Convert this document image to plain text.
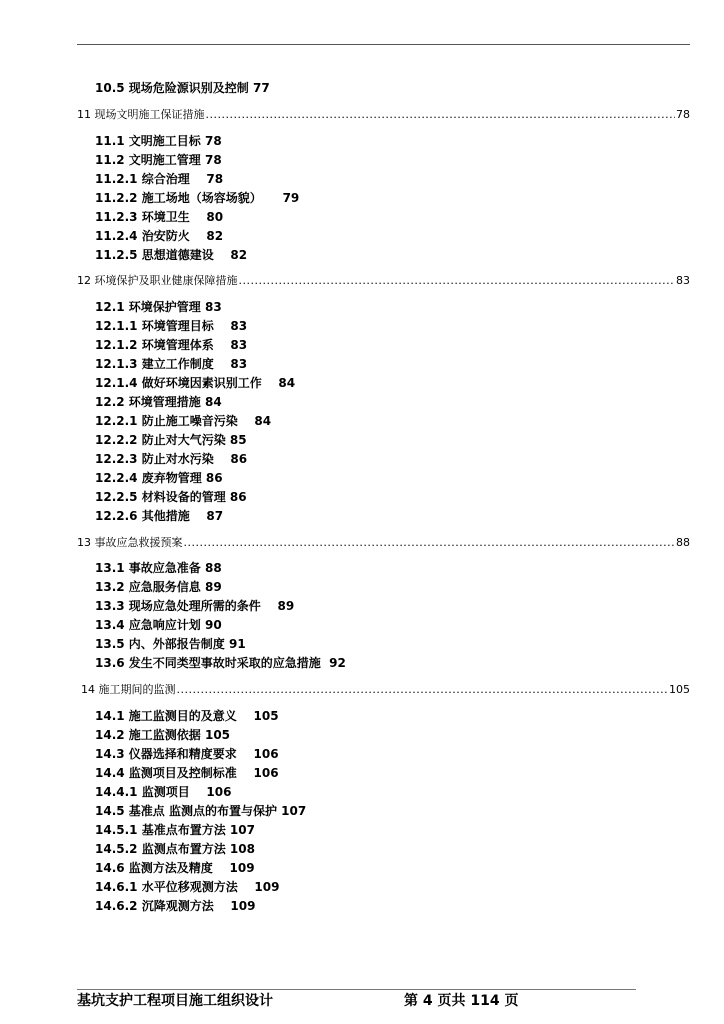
10.5 现场危险源识别及控制 77
11 现场文明施工保证措施 .....	78
11.1 文明施工目标 78
11.2 文明施工管理 78
11.2.1 综合治理    78
11.2.2 施工场地（场容场貌）     79
11.2.3 环境卫生    80
11.2.4 治安防火    82
11.2.5 思想道德建设    82
12 环境保护及职业健康保障措施 .....	83
12.1 环境保护管理 83
12.1.1 环境管理目标    83
12.1.2 环境管理体系    83
12.1.3 建立工作制度    83
12.1.4 做好环境因素识别工作    84
12.2 环境管理措施 84
12.2.1 防止施工噪音污染    84
12.2.2 防止对大气污染 85
12.2.3 防止对水污染    86
12.2.4 废弃物管理 86
12.2.5 材料设备的管理 86
12.2.6 其他措施    87
13 事故应急救援预案 .....	88
13.1 事故应急准备 88
13.2 应急服务信息 89
13.3 现场应急处理所需的条件    89
13.4 应急响应计划 90
13.5 内、外部报告制度 91
13.6 发生不同类型事故时采取的应急措施  92
14 施工期间的监测 .....	105
14.1 施工监测目的及意义    105
14.2 施工监测依据 105
14.3 仪器选择和精度要求    106
14.4 监测项目及控制标准    106
14.4.1 监测项目    106
14.5 基准点 监测点的布置与保护 107
14.5.1 基准点布置方法 107
14.5.2 监测点布置方法 108
14.6 监测方法及精度    109
14.6.1 水平位移观测方法    109
14.6.2 沉降观测方法    109
基坑支护工程项目施工组织设计	第 4 页共 114 页
